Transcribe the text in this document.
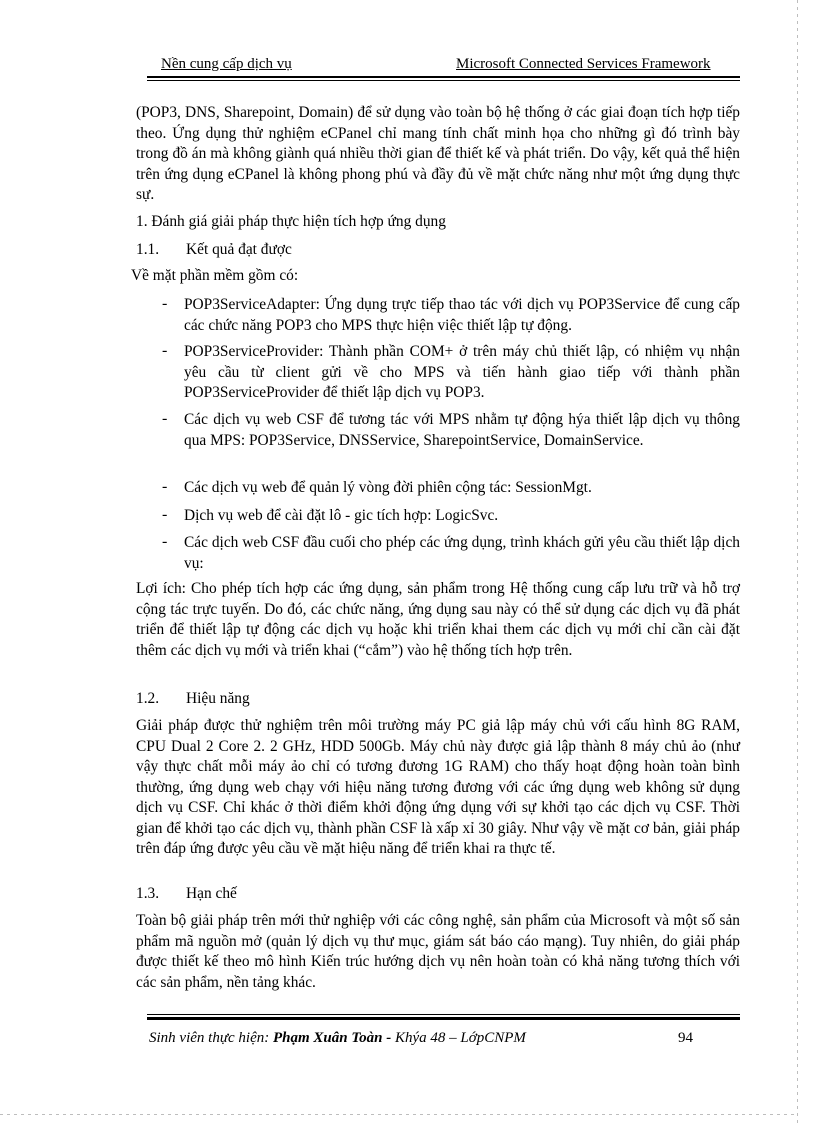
Nền cung cấp dịch vụ	Microsoft Connected Services Framework
(POP3, DNS, Sharepoint, Domain) để sử dụng vào toàn bộ hệ thống ở các giai đoạn tích hợp tiếp theo. Ứng dụng thử nghiệm eCPanel chỉ mang tính chất minh họa cho những gì đó trình bày trong đồ án mà không giành quá nhiều thời gian để thiết kế và phát triển. Do vậy, kết quả thể hiện trên ứng dụng eCPanel là không phong phú và đầy đủ về mặt chức năng như một ứng dụng thực sự.
1. Đánh giá giải pháp thực hiện tích hợp ứng dụng
1.1. Kết quả đạt được
Về mặt phần mềm gồm có:
- POP3ServiceAdapter: Ứng dụng trực tiếp thao tác với dịch vụ POP3Service để cung cấp các chức năng POP3 cho MPS thực hiện việc thiết lập tự động.
- POP3ServiceProvider: Thành phần COM+ ở trên máy chủ thiết lập, có nhiệm vụ nhận yêu cầu từ client gửi về cho MPS và tiến hành giao tiếp với thành phần POP3ServiceProvider để thiết lập dịch vụ POP3.
- Các dịch vụ web CSF để tương tác với MPS nhằm tự động hýa thiết lập dịch vụ thông qua MPS: POP3Service, DNSService, SharepointService, DomainService.
- Các dịch vụ web để quản lý vòng đời phiên cộng tác: SessionMgt.
- Dịch vụ web để cài đặt lô - gic tích hợp: LogicSvc.
- Các dịch web CSF đầu cuối cho phép các ứng dụng, trình khách gửi yêu cầu thiết lập dịch vụ:
Lợi ích: Cho phép tích hợp các ứng dụng, sản phẩm trong Hệ thống cung cấp lưu trữ và hỗ trợ cộng tác trực tuyến. Do đó, các chức năng, ứng dụng sau này có thể sử dụng các dịch vụ đã phát triển để thiết lập tự động các dịch vụ hoặc khi triển khai them các dịch vụ mới chỉ cần cài đặt thêm các dịch vụ mới và triển khai (“cắm”) vào hệ thống tích hợp trên.
1.2. Hiệu năng
Giải pháp được thử nghiệm trên môi trường máy PC giả lập máy chủ với cấu hình 8G RAM, CPU Dual 2 Core 2. 2 GHz, HDD 500Gb. Máy chủ này được giả lập thành 8 máy chủ ảo (như vậy thực chất mỗi máy ảo chỉ có tương đương 1G RAM) cho thấy hoạt động hoàn toàn bình thường, ứng dụng web chạy với hiệu năng tương đương với các ứng dụng web không sử dụng dịch vụ CSF. Chỉ khác ở thời điểm khởi động ứng dụng với sự khởi tạo các dịch vụ CSF. Thời gian để khởi tạo các dịch vụ, thành phần CSF là xấp xỉ 30 giây. Như vậy về mặt cơ bản, giải pháp trên đáp ứng được yêu cầu về mặt hiệu năng để triển khai ra thực tế.
1.3. Hạn chế
Toàn bộ giải pháp trên mới thử nghiệp với các công nghệ, sản phẩm của Microsoft và một số sản phẩm mã nguồn mở (quản lý dịch vụ thư mục, giám sát báo cáo mạng). Tuy nhiên, do giải pháp được thiết kế theo mô hình Kiến trúc hướng dịch vụ nên hoàn toàn có khả năng tương thích với các sản phẩm, nền tảng khác.
Sinh viên thực hiện: Phạm Xuân Toàn - Khýa 48 – LớpCNPM	94
